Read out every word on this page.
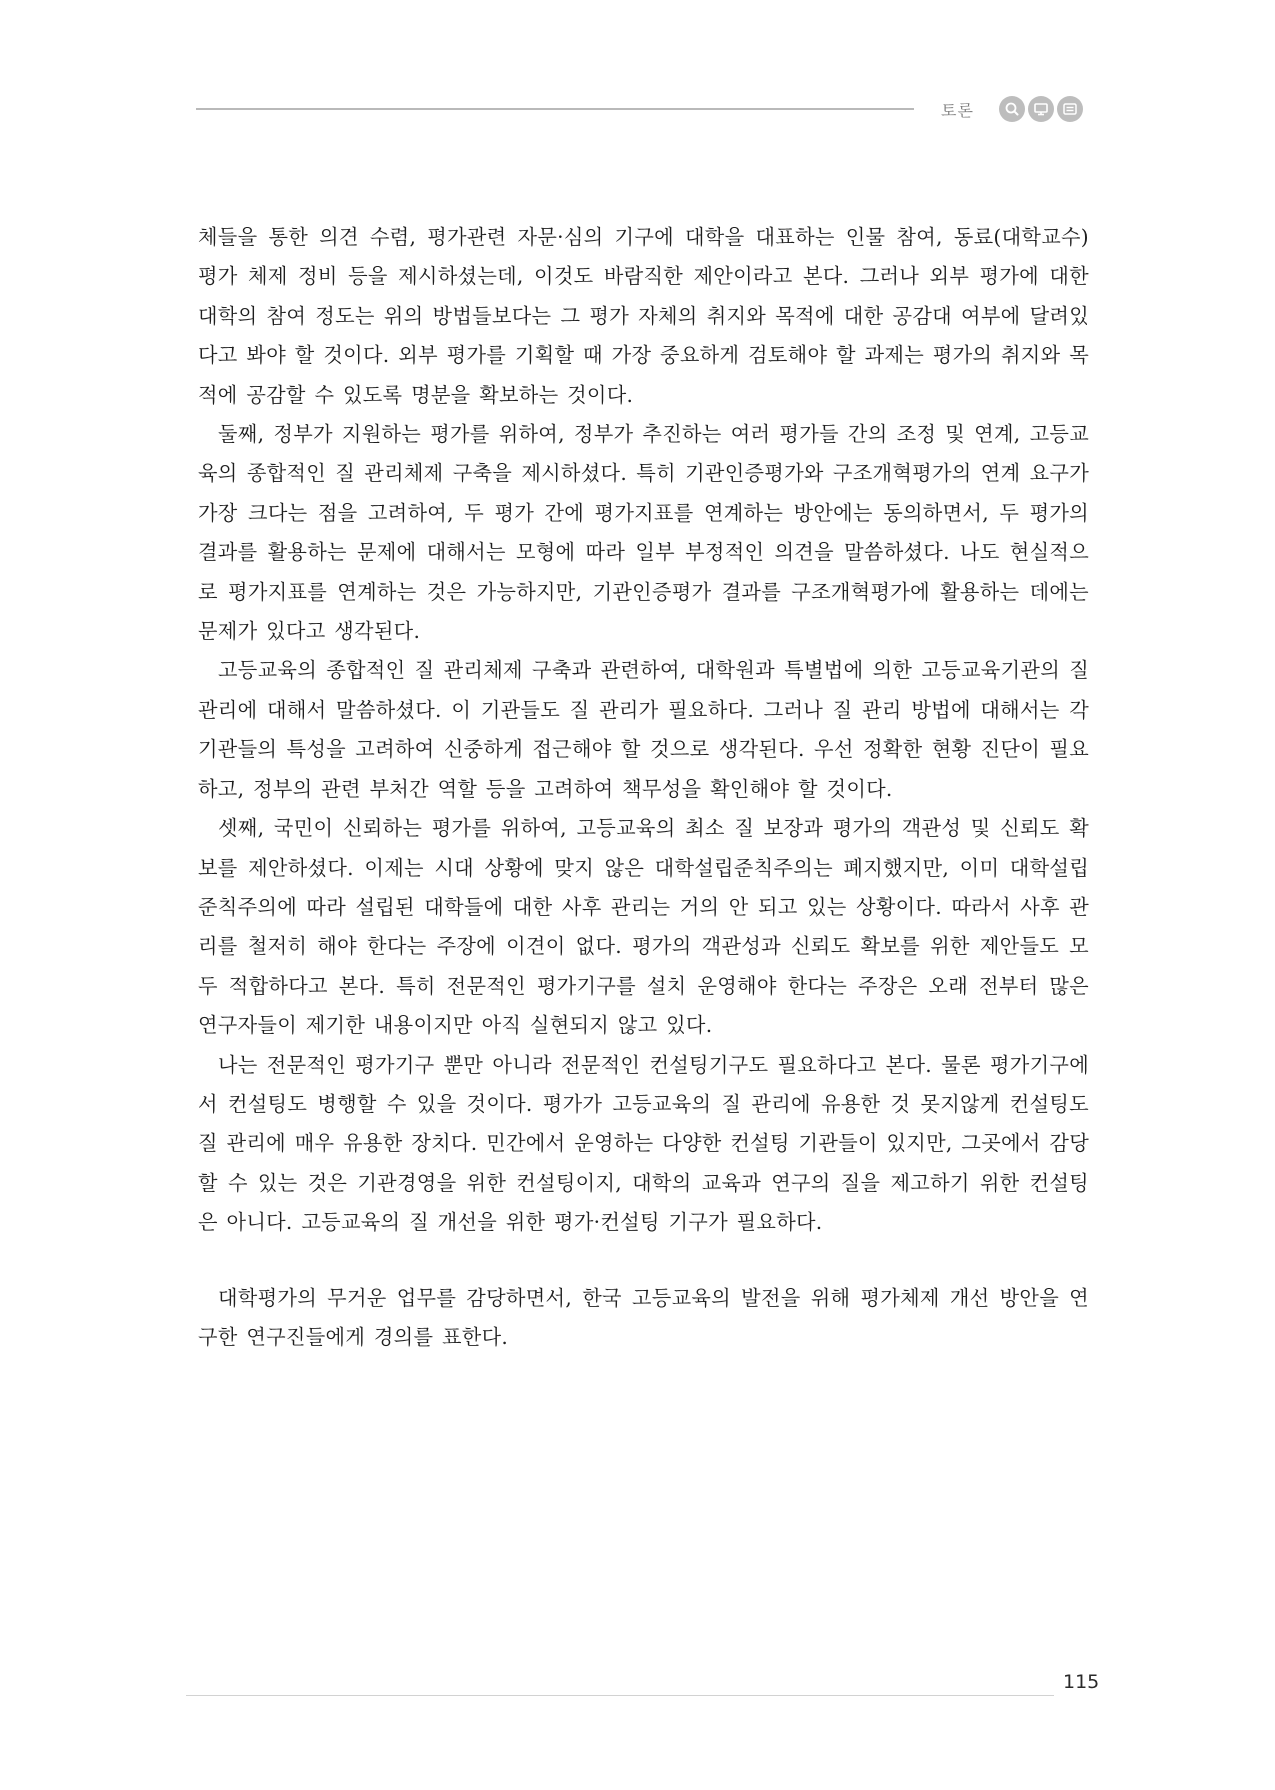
토론

체들을 통한 의견 수렴, 평가관련 자문·심의 기구에 대학을 대표하는 인물 참여, 동료(대학교수) 평가 체제 정비 등을 제시하셨는데, 이것도 바람직한 제안이라고 본다. 그러나 외부 평가에 대한 대학의 참여 정도는 위의 방법들보다는 그 평가 자체의 취지와 목적에 대한 공감대 여부에 달려있다고 봐야 할 것이다. 외부 평가를 기획할 때 가장 중요하게 검토해야 할 과제는 평가의 취지와 목적에 공감할 수 있도록 명분을 확보하는 것이다.

둘째, 정부가 지원하는 평가를 위하여, 정부가 추진하는 여러 평가들 간의 조정 및 연계, 고등교육의 종합적인 질 관리체제 구축을 제시하셨다. 특히 기관인증평가와 구조개혁평가의 연계 요구가 가장 크다는 점을 고려하여, 두 평가 간에 평가지표를 연계하는 방안에는 동의하면서, 두 평가의 결과를 활용하는 문제에 대해서는 모형에 따라 일부 부정적인 의견을 말씀하셨다. 나도 현실적으로 평가지표를 연계하는 것은 가능하지만, 기관인증평가 결과를 구조개혁평가에 활용하는 데에는 문제가 있다고 생각된다.

고등교육의 종합적인 질 관리체제 구축과 관련하여, 대학원과 특별법에 의한 고등교육기관의 질 관리에 대해서 말씀하셨다. 이 기관들도 질 관리가 필요하다. 그러나 질 관리 방법에 대해서는 각 기관들의 특성을 고려하여 신중하게 접근해야 할 것으로 생각된다. 우선 정확한 현황 진단이 필요하고, 정부의 관련 부처간 역할 등을 고려하여 책무성을 확인해야 할 것이다.

셋째, 국민이 신뢰하는 평가를 위하여, 고등교육의 최소 질 보장과 평가의 객관성 및 신뢰도 확보를 제안하셨다. 이제는 시대 상황에 맞지 않은 대학설립준칙주의는 폐지했지만, 이미 대학설립준칙주의에 따라 설립된 대학들에 대한 사후 관리는 거의 안 되고 있는 상황이다. 따라서 사후 관리를 철저히 해야 한다는 주장에 이견이 없다. 평가의 객관성과 신뢰도 확보를 위한 제안들도 모두 적합하다고 본다. 특히 전문적인 평가기구를 설치 운영해야 한다는 주장은 오래 전부터 많은 연구자들이 제기한 내용이지만 아직 실현되지 않고 있다.

나는 전문적인 평가기구 뿐만 아니라 전문적인 컨설팅기구도 필요하다고 본다. 물론 평가기구에서 컨설팅도 병행할 수 있을 것이다. 평가가 고등교육의 질 관리에 유용한 것 못지않게 컨설팅도 질 관리에 매우 유용한 장치다. 민간에서 운영하는 다양한 컨설팅 기관들이 있지만, 그곳에서 감당할 수 있는 것은 기관경영을 위한 컨설팅이지, 대학의 교육과 연구의 질을 제고하기 위한 컨설팅은 아니다. 고등교육의 질 개선을 위한 평가·컨설팅 기구가 필요하다.

대학평가의 무거운 업무를 감당하면서, 한국 고등교육의 발전을 위해 평가체제 개선 방안을 연구한 연구진들에게 경의를 표한다.

115
